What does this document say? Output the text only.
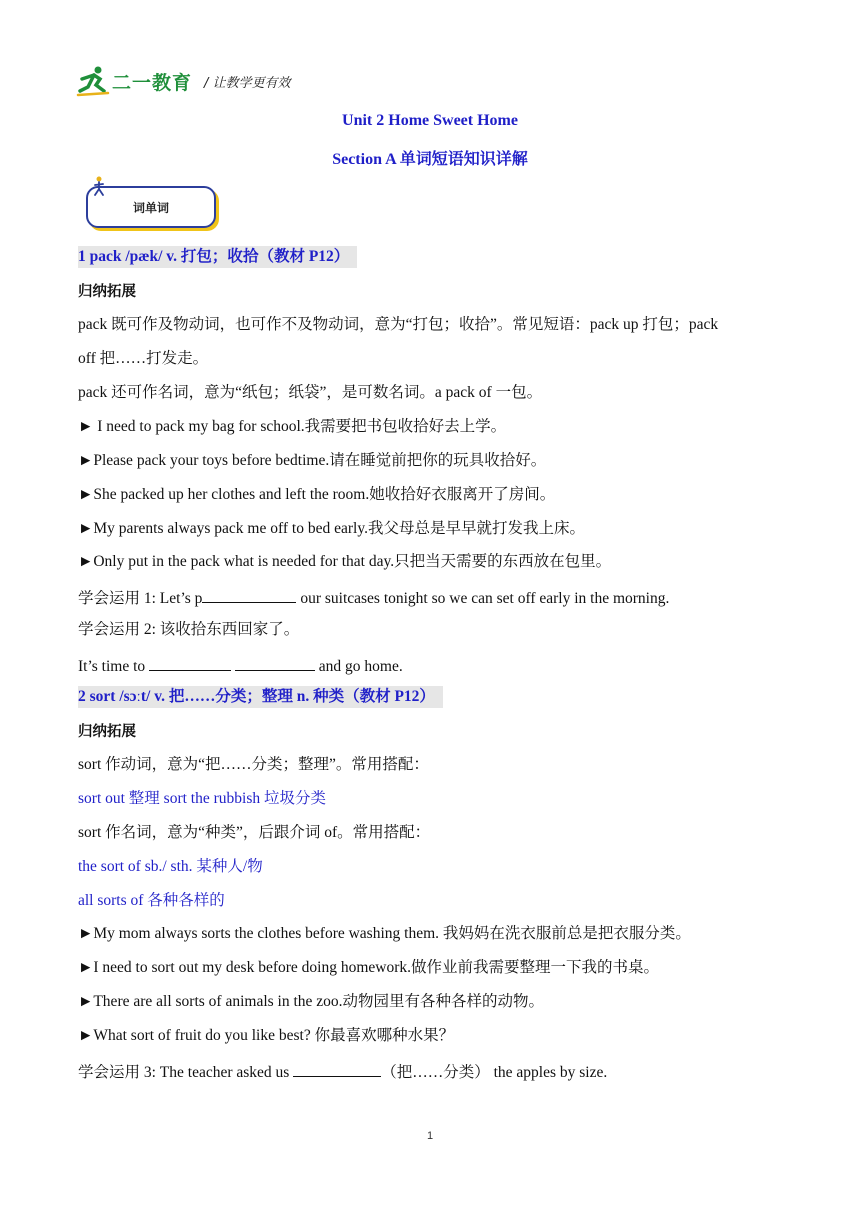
二一教育 / 让教学更有效
Unit 2 Home Sweet Home
Section A 单词短语知识详解
词单词
1 pack /pæk/ v. 打包；收拾（教材 P12）
归纳拓展
pack 既可作及物动词，也可作不及物动词，意为“打包；收拾”。常见短语：pack up 打包；pack
off 把……打发走。
pack 还可作名词，意为“纸包；纸袋”，是可数名词。a pack of 一包。
► I need to pack my bag for school.我需要把书包收拾好去上学。
►Please pack your toys before bedtime.请在睡觉前把你的玩具收拾好。
►She packed up her clothes and left the room.她收拾好衣服离开了房间。
►My parents always pack me off to bed early.我父母总是早早就打发我上床。
►Only put in the pack what is needed for that day.只把当天需要的东西放在包里。
学会运用 1: Let’s p	our suitcases tonight so we can set off early in the morning.
学会运用 2: 该收拾东西回家了。
It’s time to	and go home.
2 sort /sɔːt/ v. 把……分类；整理 n. 种类（教材 P12）
归纳拓展
sort 作动词，意为“把……分类；整理”。常用搭配：
sort out 整理 sort the rubbish 垃圾分类
sort 作名词，意为“种类”，后跟介词 of。常用搭配：
the sort of sb./ sth. 某种人/物
all sorts of 各种各样的
►My mom always sorts the clothes before washing them. 我妈妈在洗衣服前总是把衣服分类。
►I need to sort out my desk before doing homework.做作业前我需要整理一下我的书桌。
►There are all sorts of animals in the zoo.动物园里有各种各样的动物。
►What sort of fruit do you like best? 你最喜欢哪种水果？
学会运用 3: The teacher asked us	（把……分类） the apples by size.
1
